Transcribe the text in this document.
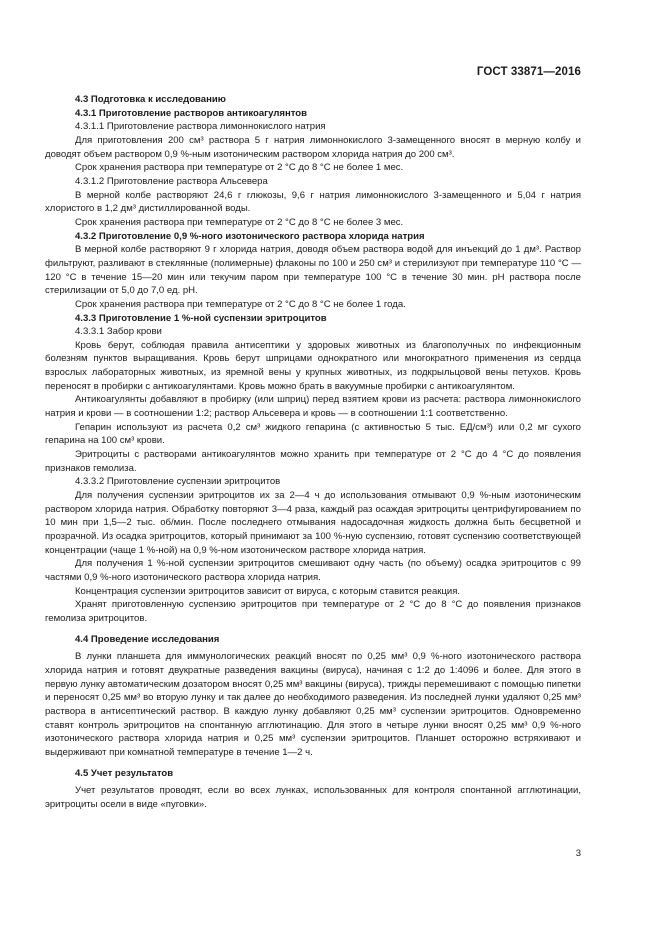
ГОСТ 33871—2016

4.3 Подготовка к исследованию

4.3.1 Приготовление растворов антикоагулянтов

4.3.1.1 Приготовление раствора лимоннокислого натрия

Для приготовления 200 см³ раствора 5 г натрия лимоннокислого 3-замещенного вносят в мерную колбу и доводят объем раствором 0,9 %-ным изотоническим раствором хлорида натрия до 200 см³.

Срок хранения раствора при температуре от 2 °С до 8 °С не более 1 мес.

4.3.1.2 Приготовление раствора Альсевера

В мерной колбе растворяют 24,6 г глюкозы, 9,6 г натрия лимоннокислого 3-замещенного и 5,04 г натрия хлористого в 1,2 дм³ дистиллированной воды.

Срок хранения раствора при температуре от 2 °С до 8 °С не более 3 мес.

4.3.2 Приготовление 0,9 %-ного изотонического раствора хлорида натрия

В мерной колбе растворяют 9 г хлорида натрия, доводя объем раствора водой для инъекций до 1 дм³. Раствор фильтруют, разливают в стеклянные (полимерные) флаконы по 100 и 250 см³ и стерилизуют при температуре 110 °С — 120 °С в течение 15—20 мин или текучим паром при температуре 100 °С в течение 30 мин. pH раствора после стерилизации от 5,0 до 7,0 ед. pH.

Срок хранения раствора при температуре от 2 °С до 8 °С не более 1 года.

4.3.3 Приготовление 1 %-ной суспензии эритроцитов

4.3.3.1 Забор крови

Кровь берут, соблюдая правила антисептики у здоровых животных из благополучных по инфекционным болезням пунктов выращивания. Кровь берут шприцами однократного или многократного применения из сердца взрослых лабораторных животных, из яремной вены у крупных животных, из подкрыльцовой вены петухов. Кровь переносят в пробирки с антикоагулянтами. Кровь можно брать в вакуумные пробирки с антикоагулянтом.

Антикоагулянты добавляют в пробирку (или шприц) перед взятием крови из расчета: раствора лимоннокислого натрия и крови — в соотношении 1:2; раствор Альсевера и кровь — в соотношении 1:1 соответственно.

Гепарин используют из расчета 0,2 см³ жидкого гепарина (с активностью 5 тыс. ЕД/см³) или 0,2 мг сухого гепарина на 100 см³ крови.

Эритроциты с растворами антикоагулянтов можно хранить при температуре от 2 °С до 4 °С до появления признаков гемолиза.

4.3.3.2 Приготовление суспензии эритроцитов

Для получения суспензии эритроцитов их за 2—4 ч до использования отмывают 0,9 %-ным изотоническим раствором хлорида натрия. Обработку повторяют 3—4 раза, каждый раз осаждая эритроциты центрифугированием по 10 мин при 1,5—2 тыс. об/мин. После последнего отмывания надосадочная жидкость должна быть бесцветной и прозрачной. Из осадка эритроцитов, который принимают за 100 %-ную суспензию, готовят суспензию соответствующей концентрации (чаще 1 %-ной) на 0,9 %-ном изотоническом растворе хлорида натрия.

Для получения 1 %-ной суспензии эритроцитов смешивают одну часть (по объему) осадка эритроцитов с 99 частями 0,9 %-ного изотонического раствора хлорида натрия.

Концентрация суспензии эритроцитов зависит от вируса, с которым ставится реакция.

Хранят приготовленную суспензию эритроцитов при температуре от 2 °С до 8 °С до появления признаков гемолиза эритроцитов.

4.4 Проведение исследования

В лунки планшета для иммунологических реакций вносят по 0,25 мм³ 0,9 %-ного изотонического раствора хлорида натрия и готовят двукратные разведения вакцины (вируса), начиная с 1:2 до 1:4096 и более. Для этого в первую лунку автоматическим дозатором вносят 0,25 мм³ вакцины (вируса), трижды перемешивают с помощью пипетки и переносят 0,25 мм³ во вторую лунку и так далее до необходимого разведения. Из последней лунки удаляют 0,25 мм³ раствора в антисептический раствор. В каждую лунку добавляют 0,25 мм³ суспензии эритроцитов. Одновременно ставят контроль эритроцитов на спонтанную агглютинацию. Для этого в четыре лунки вносят 0,25 мм³ 0,9 %-ного изотонического раствора хлорида натрия и 0,25 мм³ суспензии эритроцитов. Планшет осторожно встряхивают и выдерживают при комнатной температуре в течение 1—2 ч.

4.5 Учет результатов

Учет результатов проводят, если во всех лунках, использованных для контроля спонтанной агглютинации, эритроциты осели в виде «пуговки».

3
